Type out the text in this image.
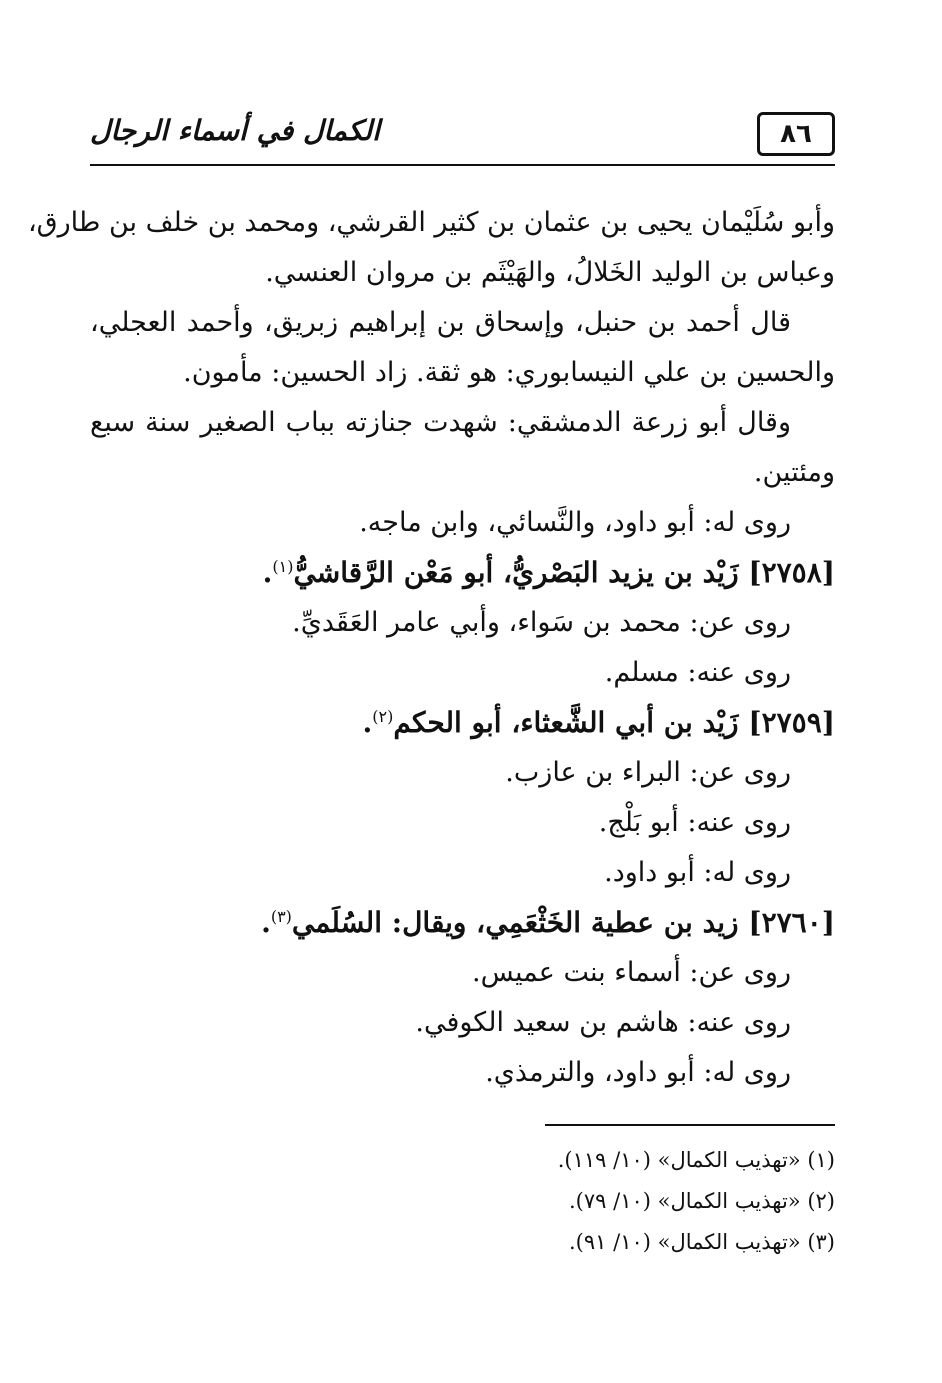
٨٦
الكمال في أسماء الرجال
وأبو سُلَيْمان يحيى بن عثمان بن كثير القرشي، ومحمد بن خلف بن طارق،
وعباس بن الوليد الخَلالُ، والهَيْثَم بن مروان العنسي.
قال أحمد بن حنبل، وإسحاق بن إبراهيم زبريق، وأحمد العجلي،
والحسين بن علي النيسابوري: هو ثقة. زاد الحسين: مأمون.
وقال أبو زرعة الدمشقي: شهدت جنازته بباب الصغير سنة سبع
ومئتين.
روى له: أبو داود، والنَّسائي، وابن ماجه.
[٢٧٥٨] زَيْد بن يزيد البَصْريُّ، أبو مَعْن الرَّقاشيُّ$^{(١)}$.
روى عن: محمد بن سَواء، وأبي عامر العَقَديِّ.
روى عنه: مسلم.
[٢٧٥٩] زَيْد بن أبي الشَّعثاء، أبو الحكم$^{(٢)}$.
روى عن: البراء بن عازب.
روى عنه: أبو بَلْج.
روى له: أبو داود.
[٢٧٦٠] زيد بن عطية الخَثْعَمِي، ويقال: السُلَمي$^{(٣)}$.
روى عن: أسماء بنت عميس.
روى عنه: هاشم بن سعيد الكوفي.
روى له: أبو داود، والترمذي.
(١) «تهذيب الكمال» (١٠/ ١١٩).
(٢) «تهذيب الكمال» (١٠/ ٧٩).
(٣) «تهذيب الكمال» (١٠/ ٩١).
